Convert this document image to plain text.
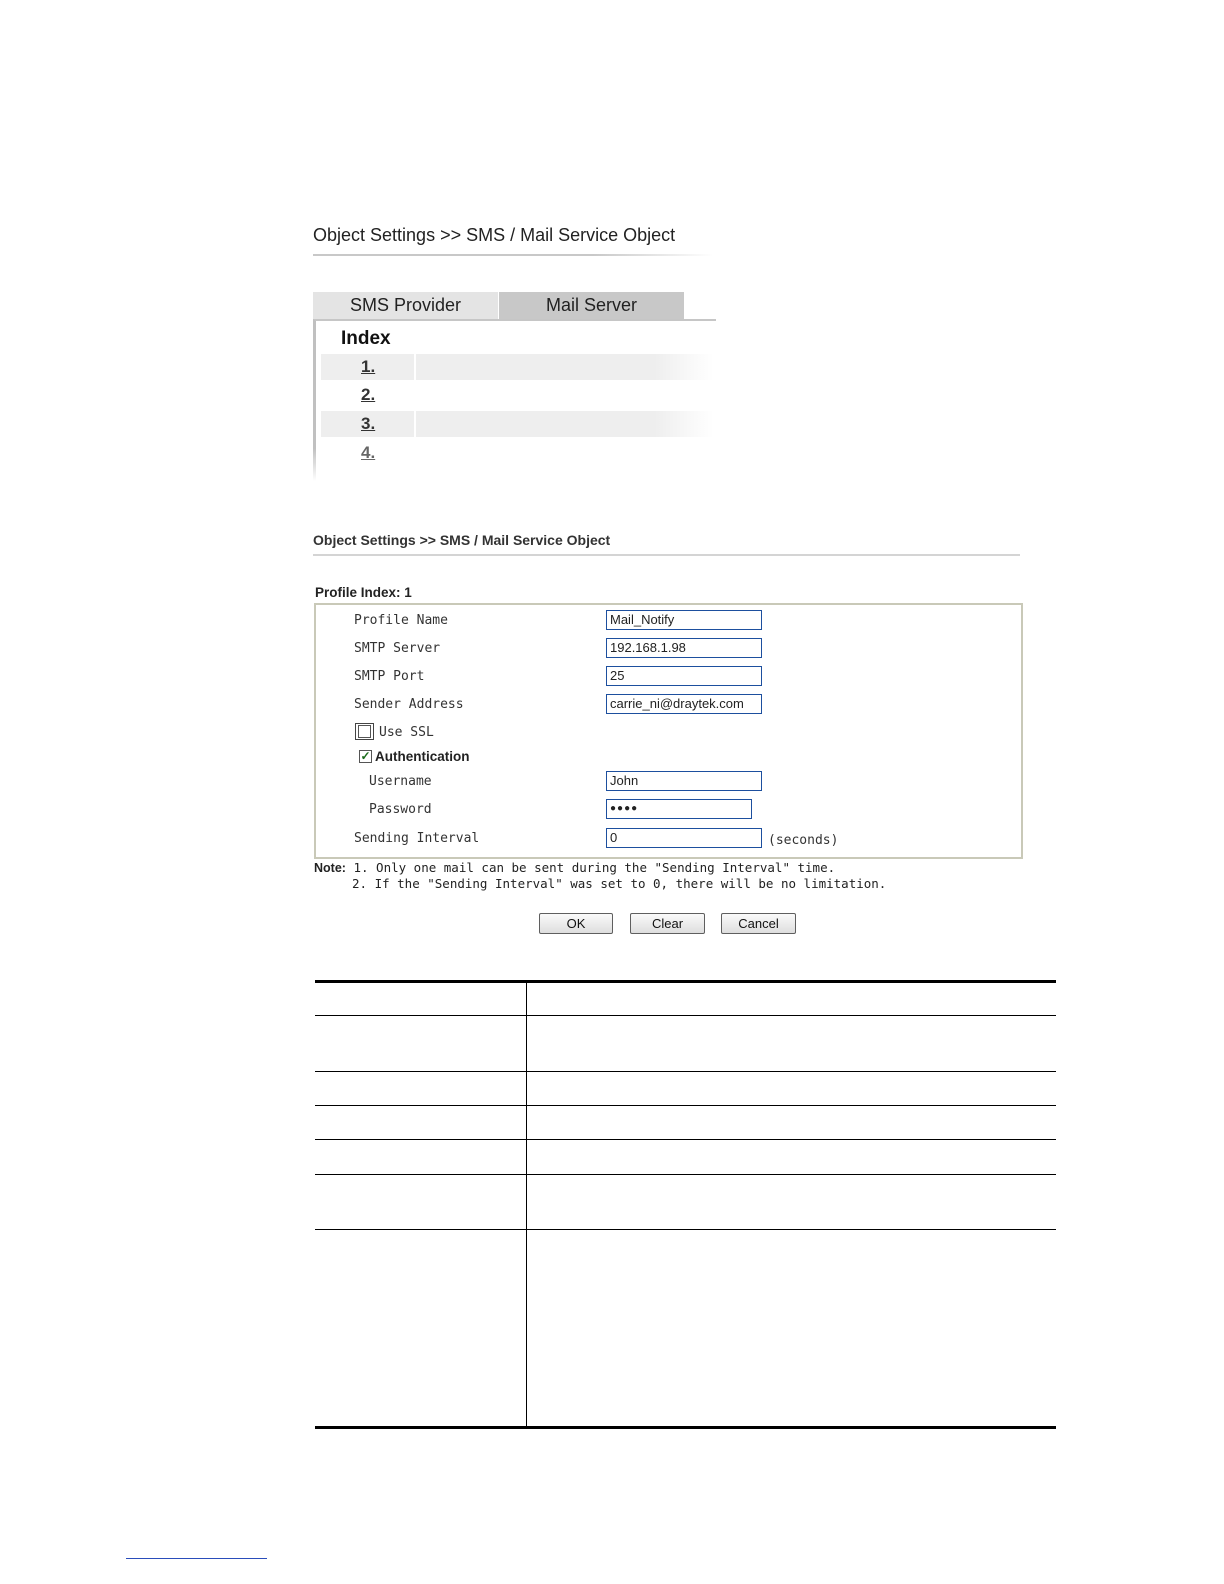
Object Settings >> SMS / Mail Service Object
SMS Provider	Mail Server
Index
1.
2.
3.
4.
Object Settings >> SMS / Mail Service Object
Profile Index: 1
Profile Name	Mail_Notify
SMTP Server	192.168.1.98
SMTP Port	25
Sender Address	carrie_ni@draytek.com
Use SSL
✓ Authentication
Username	John
Password	●●●●
Sending Interval	0	(seconds)
Note: 1. Only one mail can be sent during the "Sending Interval" time.
2. If the "Sending Interval" was set to 0, there will be no limitation.
OK	Clear	Cancel
